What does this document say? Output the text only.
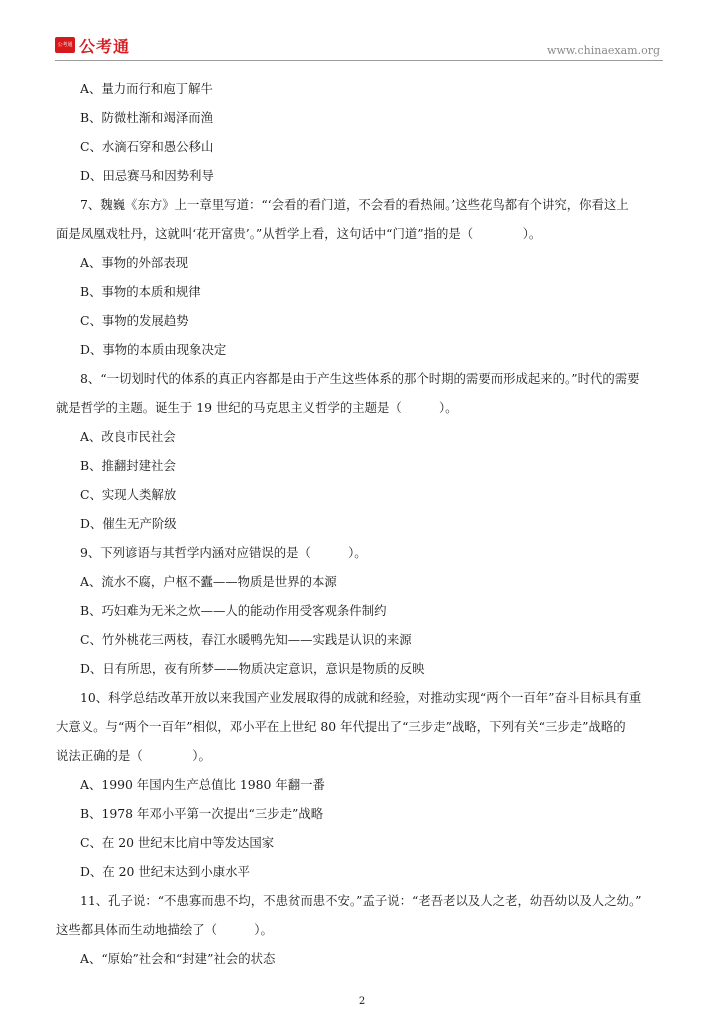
公考通 公考通	www.chinaexam.org
A、量力而行和庖丁解牛
B、防微杜渐和竭泽而渔
C、水滴石穿和愚公移山
D、田忌赛马和因势利导
7、魏巍《东方》上一章里写道：“‘会看的看门道，不会看的看热闹。’这些花鸟都有个讲究，你看这上
面是凤凰戏牡丹，这就叫‘花开富贵’。”从哲学上看，这句话中“门道”指的是（　　　　）。
A、事物的外部表现
B、事物的本质和规律
C、事物的发展趋势
D、事物的本质由现象决定
8、“一切划时代的体系的真正内容都是由于产生这些体系的那个时期的需要而形成起来的。”时代的需要
就是哲学的主题。诞生于 19 世纪的马克思主义哲学的主题是（　　　）。
A、改良市民社会
B、推翻封建社会
C、实现人类解放
D、催生无产阶级
9、下列谚语与其哲学内涵对应错误的是（　　　）。
A、流水不腐，户枢不蠹——物质是世界的本源
B、巧妇难为无米之炊——人的能动作用受客观条件制约
C、竹外桃花三两枝，春江水暖鸭先知——实践是认识的来源
D、日有所思，夜有所梦——物质决定意识，意识是物质的反映
10、科学总结改革开放以来我国产业发展取得的成就和经验，对推动实现“两个一百年”奋斗目标具有重
大意义。与“两个一百年”相似，邓小平在上世纪 80 年代提出了“三步走”战略，下列有关“三步走”战略的
说法正确的是（　　　　）。
A、1990 年国内生产总值比 1980 年翻一番
B、1978 年邓小平第一次提出“三步走”战略
C、在 20 世纪末比肩中等发达国家
D、在 20 世纪末达到小康水平
11、孔子说：“不患寡而患不均，不患贫而患不安。”孟子说：“老吾老以及人之老，幼吾幼以及人之幼。”
这些都具体而生动地描绘了（　　　）。
A、“原始”社会和“封建”社会的状态
2
